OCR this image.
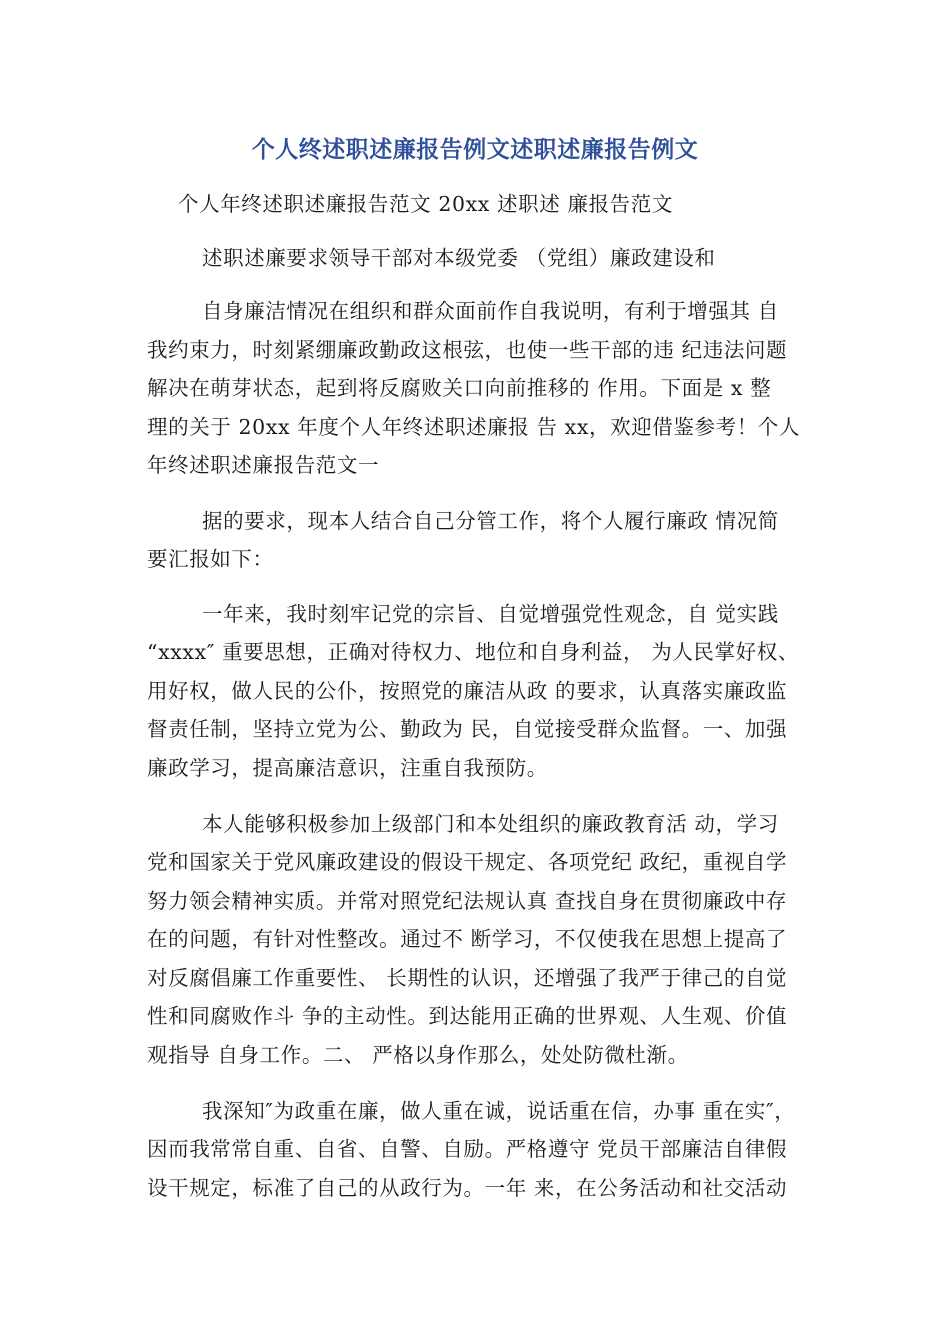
个人终述职述廉报告例文述职述廉报告例文
个人年终述职述廉报告范文 20xx 述职述 廉报告范文
述职述廉要求领导干部对本级党委 （党组）廉政建设和
自身廉洁情况在组织和群众面前作自我说明，有利于增强其 自
我约束力，时刻紧绷廉政勤政这根弦，也使一些干部的违 纪违法问题
解决在萌芽状态，起到将反腐败关口向前推移的 作用。下面是 x 整
理的关于 20xx 年度个人年终述职述廉报 告 xx，欢迎借鉴参考！个人
年终述职述廉报告范文一
据的要求，现本人结合自己分管工作，将个人履行廉政 情况简
要汇报如下：
一年来，我时刻牢记党的宗旨、自觉增强党性观念，自 觉实践
“xxxx″ 重要思想，正确对待权力、地位和自身利益， 为人民掌好权、
用好权，做人民的公仆，按照党的廉洁从政 的要求，认真落实廉政监
督责任制，坚持立党为公、勤政为 民，自觉接受群众监督。一、加强
廉政学习，提高廉洁意识，注重自我预防。
本人能够积极参加上级部门和本处组织的廉政教育活 动，学习
党和国家关于党风廉政建设的假设干规定、各项党纪 政纪，重视自学
努力领会精神实质。并常对照党纪法规认真 查找自身在贯彻廉政中存
在的问题，有针对性整改。通过不 断学习，不仅使我在思想上提高了
对反腐倡廉工作重要性、 长期性的认识，还增强了我严于律己的自觉
性和同腐败作斗 争的主动性。到达能用正确的世界观、人生观、价值
观指导 自身工作。二、 严格以身作那么，处处防微杜渐。
我深知″为政重在廉，做人重在诚，说话重在信，办事 重在实″，
因而我常常自重、自省、自警、自励。严格遵守 党员干部廉洁自律假
设干规定，标准了自己的从政行为。一年 来，在公务活动和社交活动
